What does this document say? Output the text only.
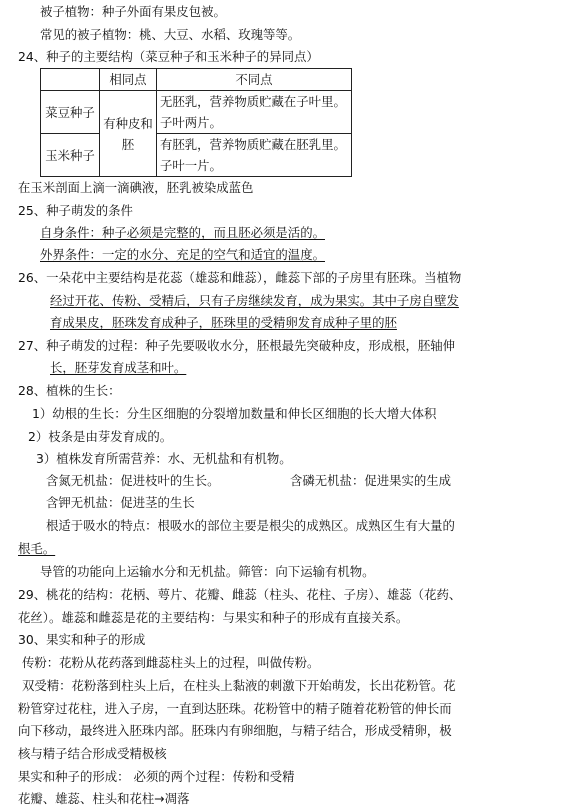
被子植物：种子外面有果皮包被。
常见的被子植物：桃、大豆、水稻、玫瑰等等。
24、种子的主要结构（菜豆种子和玉米种子的异同点）
	相同点	不同点
菜豆种子	有种皮和胚	无胚乳，营养物质贮藏在子叶里。子叶两片。
玉米种子		有胚乳，营养物质贮藏在胚乳里。子叶一片。
在玉米剖面上滴一滴碘液，胚乳被染成蓝色
25、种子萌发的条件
自身条件：种子必须是完整的，而且胚必须是活的。
外界条件：一定的水分、充足的空气和适宜的温度。
26、一朵花中主要结构是花蕊（雄蕊和雌蕊），雌蕊下部的子房里有胚珠。当植物
经过开花、传粉、受精后，只有子房继续发育，成为果实。其中子房自壁发
育成果皮，胚珠发育成种子，胚珠里的受精卵发育成种子里的胚
27、种子萌发的过程：种子先要吸收水分，胚根最先突破种皮，形成根，胚轴伸
长，胚芽发育成茎和叶。
28、植株的生长：
1）幼根的生长：分生区细胞的分裂增加数量和伸长区细胞的长大增大体积
2）枝条是由芽发育成的。
3）植株发育所需营养：水、无机盐和有机物。
含氮无机盐：促进枝叶的生长。	含磷无机盐：促进果实的生成
含钾无机盐：促进茎的生长
根适于吸水的特点：根吸水的部位主要是根尖的成熟区。成熟区生有大量的
根毛。
导管的功能向上运输水分和无机盐。筛管：向下运输有机物。
29、桃花的结构：花柄、萼片、花瓣、雌蕊（柱头、花柱、子房）、雄蕊（花药、
花丝）。雄蕊和雌蕊是花的主要结构：与果实和种子的形成有直接关系。
30、果实和种子的形成
传粉：花粉从花药落到雌蕊柱头上的过程，叫做传粉。
双受精：花粉落到柱头上后，在柱头上黏液的刺激下开始萌发，长出花粉管。花
粉管穿过花柱，进入子房，一直到达胚珠。花粉管中的精子随着花粉管的伸长而
向下移动，最终进入胚珠内部。胚珠内有卵细胞，与精子结合，形成受精卵，极
核与精子结合形成受精极核
果实和种子的形成： 必须的两个过程：传粉和受精
花瓣、雄蕊、柱头和花柱→凋落
